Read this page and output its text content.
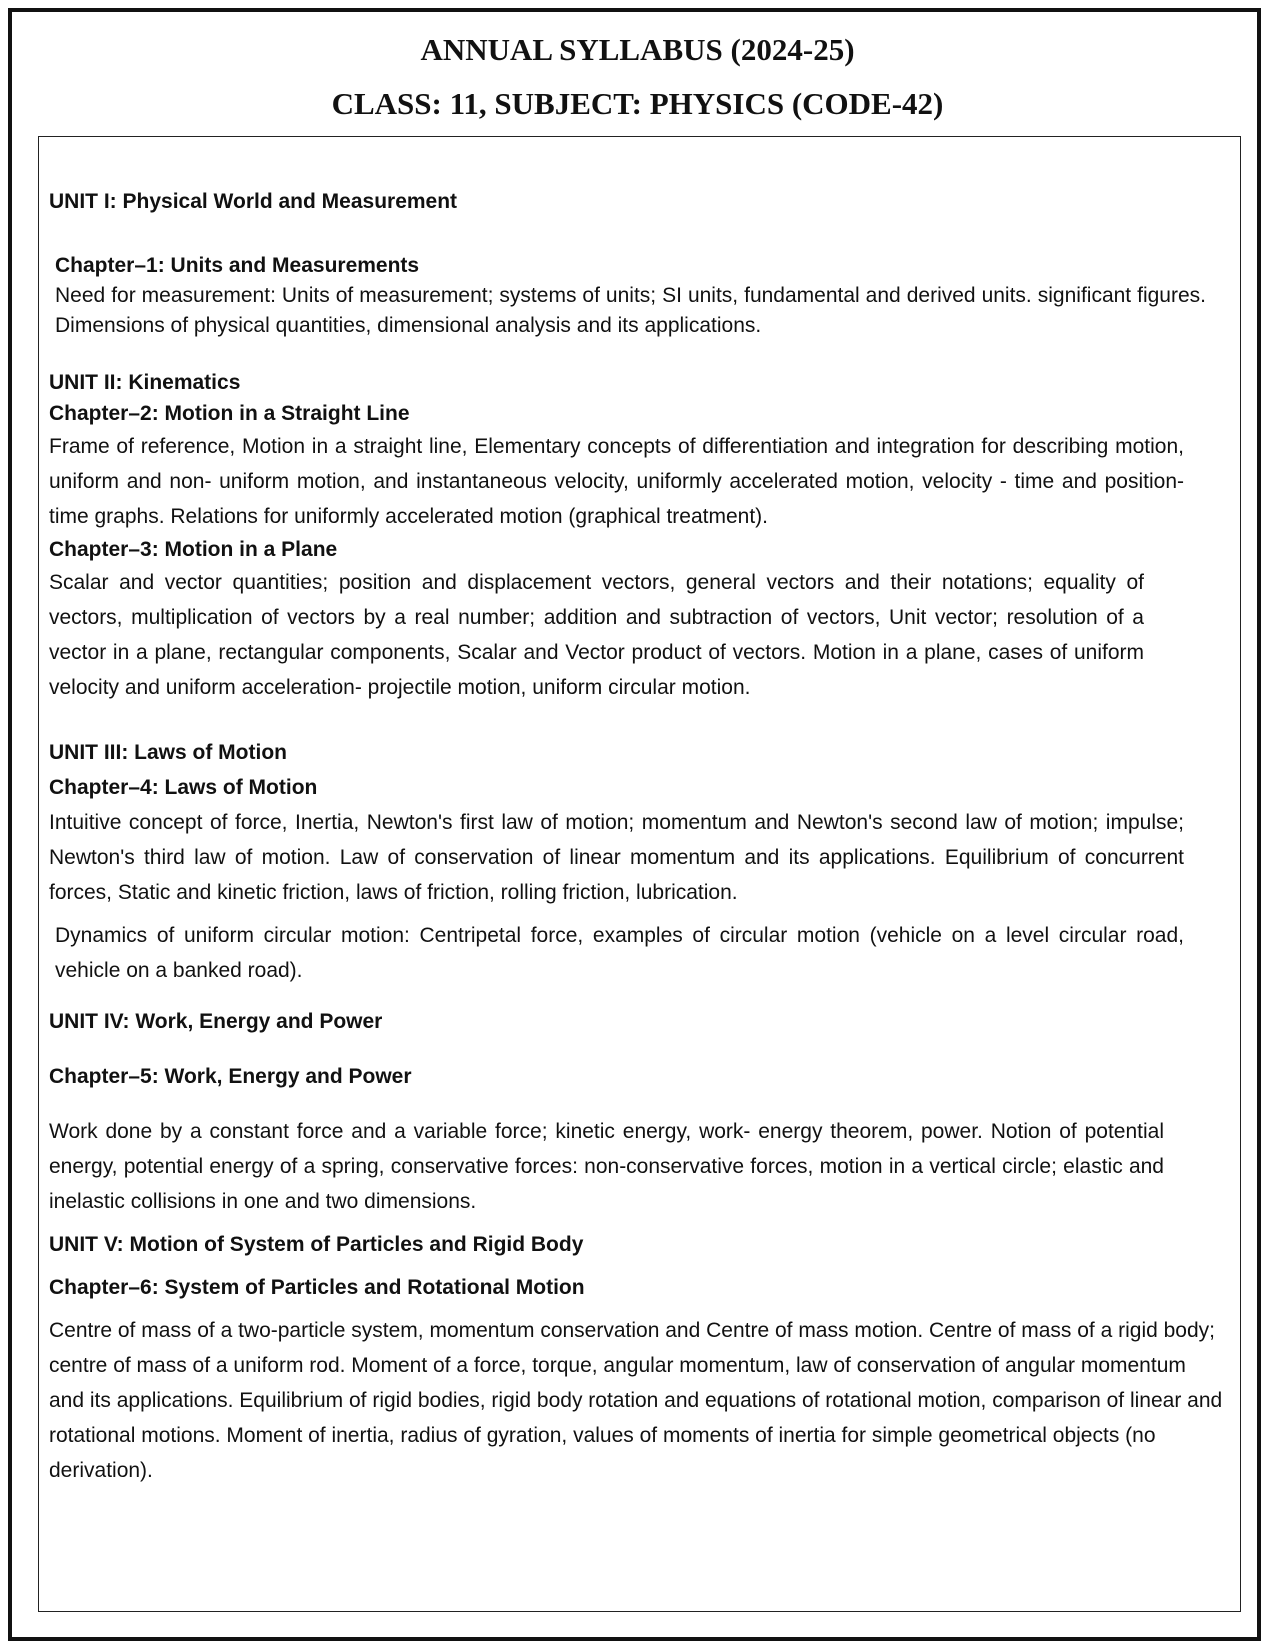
ANNUAL SYLLABUS (2024-25)
CLASS: 11, SUBJECT: PHYSICS (CODE-42)
UNIT I: Physical World and Measurement
Chapter–1: Units and Measurements
Need for measurement: Units of measurement; systems of units; SI units, fundamental and derived units. significant figures. Dimensions of physical quantities, dimensional analysis and its applications.
UNIT II: Kinematics
Chapter–2: Motion in a Straight Line
Frame of reference, Motion in a straight line, Elementary concepts of differentiation and integration for describing motion, uniform and non- uniform motion, and instantaneous velocity, uniformly accelerated motion, velocity - time and position-time graphs. Relations for uniformly accelerated motion (graphical treatment).
Chapter–3: Motion in a Plane
Scalar and vector quantities; position and displacement vectors, general vectors and their notations; equality of vectors, multiplication of vectors by a real number; addition and subtraction of vectors, Unit vector; resolution of a vector in a plane, rectangular components, Scalar and Vector product of vectors. Motion in a plane, cases of uniform velocity and uniform acceleration- projectile motion, uniform circular motion.
UNIT III: Laws of Motion
Chapter–4: Laws of Motion
Intuitive concept of force, Inertia, Newton's first law of motion; momentum and Newton's second law of motion; impulse; Newton's third law of motion. Law of conservation of linear momentum and its applications. Equilibrium of concurrent forces, Static and kinetic friction, laws of friction, rolling friction, lubrication.
Dynamics of uniform circular motion: Centripetal force, examples of circular motion (vehicle on a level circular road, vehicle on a banked road).
UNIT IV: Work, Energy and Power
Chapter–5: Work, Energy and Power
Work done by a constant force and a variable force; kinetic energy, work- energy theorem, power. Notion of potential energy, potential energy of a spring, conservative forces: non-conservative forces, motion in a vertical circle; elastic and inelastic collisions in one and two dimensions.
UNIT V: Motion of System of Particles and Rigid Body
Chapter–6: System of Particles and Rotational Motion
Centre of mass of a two-particle system, momentum conservation and Centre of mass motion. Centre of mass of a rigid body; centre of mass of a uniform rod. Moment of a force, torque, angular momentum, law of conservation of angular momentum and its applications. Equilibrium of rigid bodies, rigid body rotation and equations of rotational motion, comparison of linear and rotational motions. Moment of inertia, radius of gyration, values of moments of inertia for simple geometrical objects (no derivation).
